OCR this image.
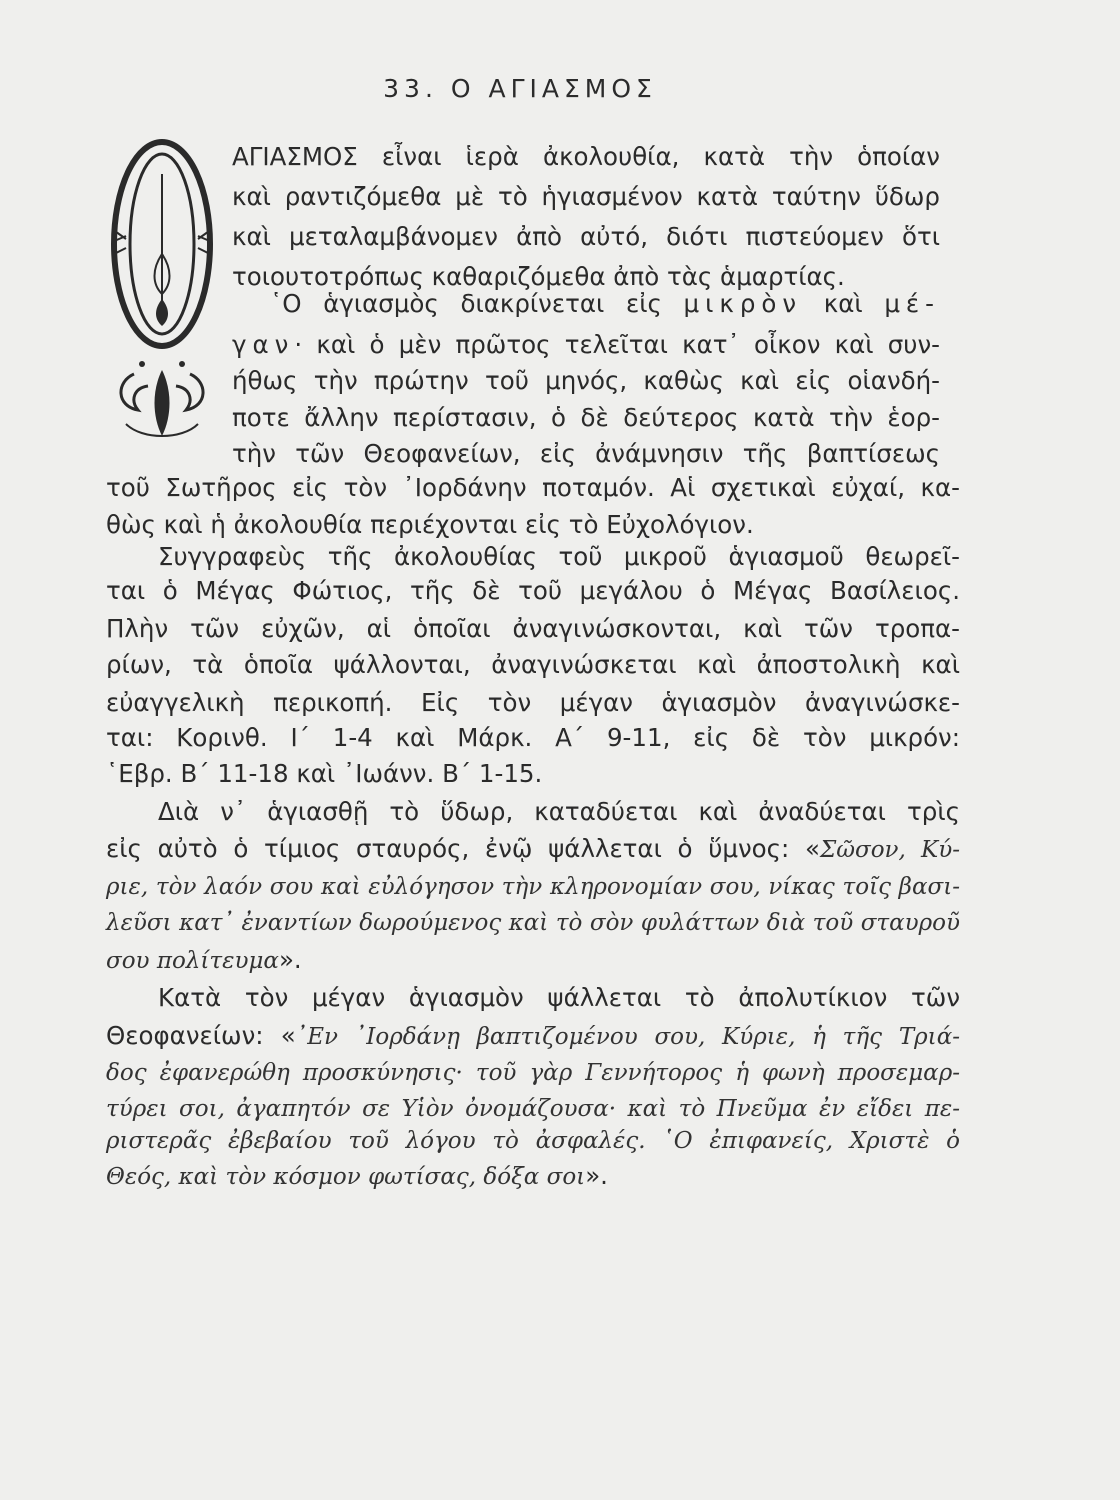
33. Ο ΑΓΙΑΣΜΟΣ
ΑΓΙΑΣΜΟΣ εἶναι ἱερὰ ἀκολουθία, κατὰ τὴν ὁποίαν
καὶ ραντιζόμεθα μὲ τὸ ἡγιασμένον κατὰ ταύτην ὕδωρ
καὶ μεταλαμβάνομεν ἀπὸ αὐτό, διότι πιστεύομεν ὅτι
τοιουτοτρόπως καθαριζόμεθα ἀπὸ τὰς ἁμαρτίας.
῾Ο ἁγιασμὸς διακρίνεται εἰς μικρὸν καὶ μέ-
γαν· καὶ ὁ μὲν πρῶτος τελεῖται κατ᾽ οἶκον καὶ συν-
ήθως τὴν πρώτην τοῦ μηνός, καθὼς καὶ εἰς οἱανδή-
ποτε ἄλλην περίστασιν, ὁ δὲ δεύτερος κατὰ τὴν ἑορ-
τὴν τῶν Θεοφανείων, εἰς ἀνάμνησιν τῆς βαπτίσεως
τοῦ Σωτῆρος εἰς τὸν ᾽Ιορδάνην ποταμόν. Αἱ σχετικαὶ εὐχαί, κα-
θὼς καὶ ἡ ἀκολουθία περιέχονται εἰς τὸ Εὐχολόγιον.
Συγγραφεὺς τῆς ἀκολουθίας τοῦ μικροῦ ἁγιασμοῦ θεωρεῖ-
ται ὁ Μέγας Φώτιος, τῆς δὲ τοῦ μεγάλου ὁ Μέγας Βασίλειος.
Πλὴν τῶν εὐχῶν, αἱ ὁποῖαι ἀναγινώσκονται, καὶ τῶν τροπα-
ρίων, τὰ ὁποῖα ψάλλονται, ἀναγινώσκεται καὶ ἀποστολικὴ καὶ
εὐαγγελικὴ περικοπή. Εἰς τὸν μέγαν ἁγιασμὸν ἀναγινώσκε-
ται: Κορινθ. Ι΄ 1-4 καὶ Μάρκ. Α΄ 9-11, εἰς δὲ τὸν μικρόν:
῾Εβρ. Β΄ 11-18 καὶ ᾽Ιωάνν. Β΄ 1-15.
Διὰ ν᾽ ἁγιασθῇ τὸ ὕδωρ, καταδύεται καὶ ἀναδύεται τρὶς
εἰς αὐτὸ ὁ τίμιος σταυρός, ἐνῷ ψάλλεται ὁ ὕμνος: «Σῶσον, Κύ-
ριε, τὸν λαόν σου καὶ εὐλόγησον τὴν κληρονομίαν σου, νίκας τοῖς βασι-
λεῦσι κατ᾽ ἐναντίων δωρούμενος καὶ τὸ σὸν φυλάττων διὰ τοῦ σταυροῦ
σου πολίτευμα».
Κατὰ τὸν μέγαν ἁγιασμὸν ψάλλεται τὸ ἀπολυτίκιον τῶν
Θεοφανείων: «᾽Εν ᾽Ιορδάνῃ βαπτιζομένου σου, Κύριε, ἡ τῆς Τριά-
δος ἐφανερώθη προσκύνησις· τοῦ γὰρ Γεννήτορος ἡ φωνὴ προσεμαρ-
τύρει σοι, ἀγαπητόν σε Υἱὸν ὀνομάζουσα· καὶ τὸ Πνεῦμα ἐν εἴδει πε-
ριστερᾶς ἐβεβαίου τοῦ λόγου τὸ ἀσφαλές. ῾Ο ἐπιφανείς, Χριστὲ ὁ
Θεός, καὶ τὸν κόσμον φωτίσας, δόξα σοι».
